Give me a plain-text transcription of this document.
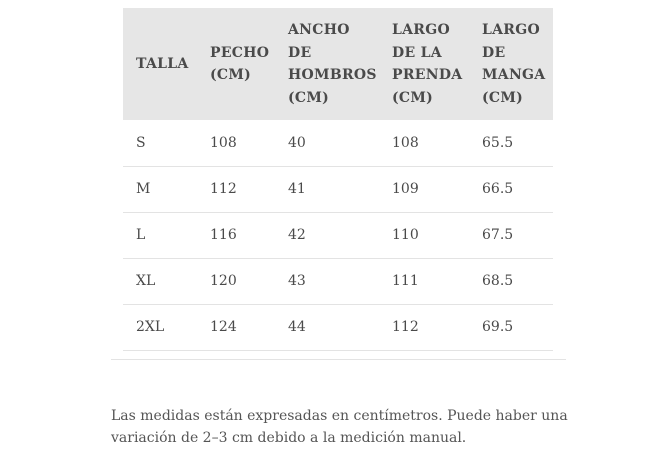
TALLA	PECHO (CM)	ANCHO DE HOMBROS (CM)	LARGO DE LA PRENDA (CM)	LARGO DE MANGA (CM)
S	108	40	108	65.5
M	112	41	109	66.5
L	116	42	110	67.5
XL	120	43	111	68.5
2XL	124	44	112	69.5

Las medidas están expresadas en centímetros. Puede haber una variación de 2–3 cm debido a la medición manual.
